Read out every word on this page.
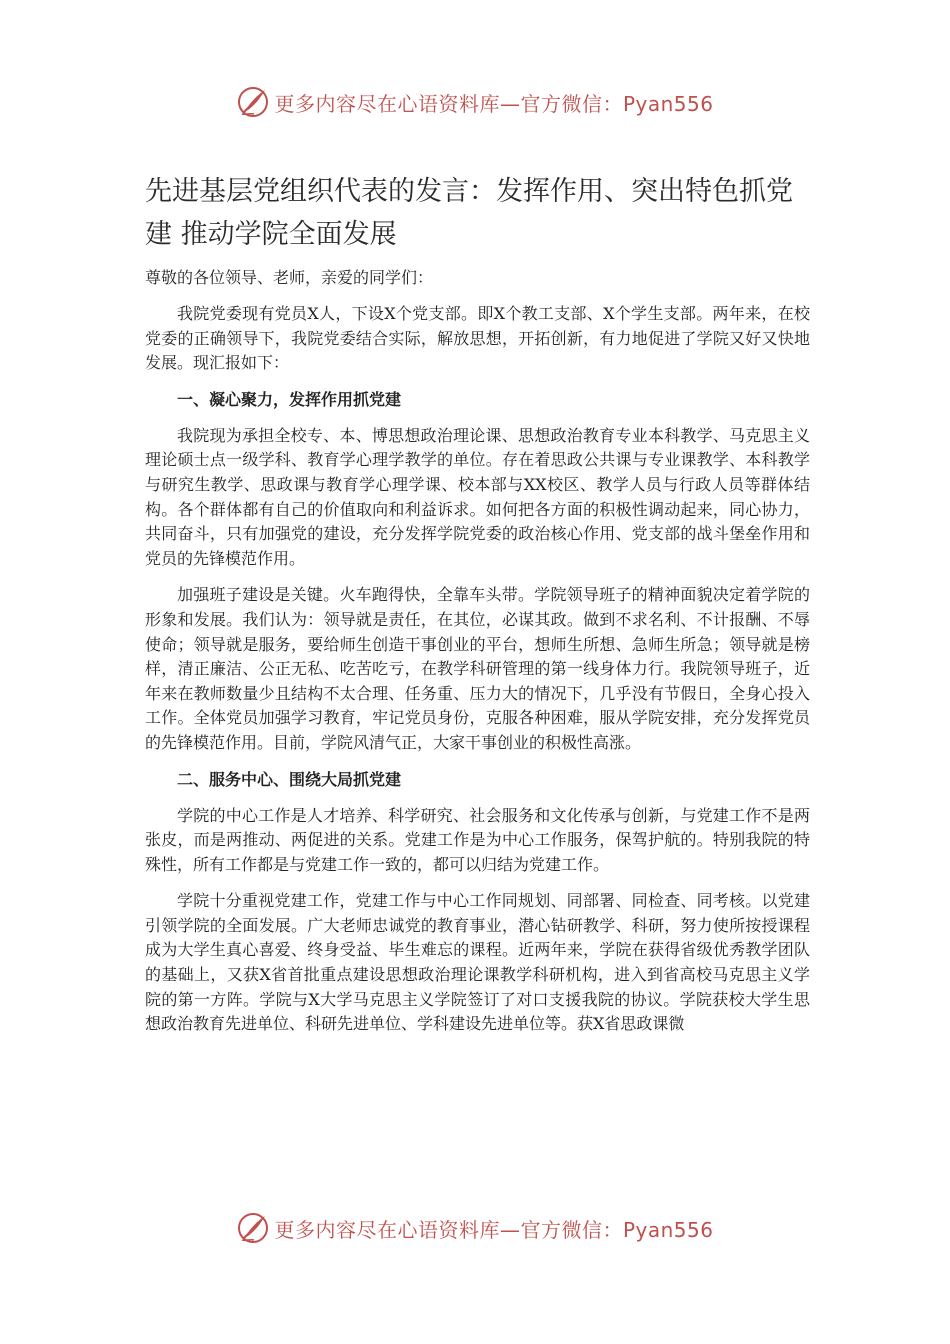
更多内容尽在心语资料库—官方微信：Pyan556
先进基层党组织代表的发言：发挥作用、突出特色抓党建 推动学院全面发展

尊敬的各位领导、老师，亲爱的同学们：

我院党委现有党员X人，下设X个党支部。即X个教工支部、X个学生支部。两年来，在校党委的正确领导下，我院党委结合实际，解放思想，开拓创新，有力地促进了学院又好又快地发展。现汇报如下：

一、凝心聚力，发挥作用抓党建

我院现为承担全校专、本、博思想政治理论课、思想政治教育专业本科教学、马克思主义理论硕士点一级学科、教育学心理学教学的单位。存在着思政公共课与专业课教学、本科教学与研究生教学、思政课与教育学心理学课、校本部与XX校区、教学人员与行政人员等群体结构。各个群体都有自己的价值取向和利益诉求。如何把各方面的积极性调动起来，同心协力，共同奋斗，只有加强党的建设，充分发挥学院党委的政治核心作用、党支部的战斗堡垒作用和党员的先锋模范作用。

加强班子建设是关键。火车跑得快，全靠车头带。学院领导班子的精神面貌决定着学院的形象和发展。我们认为：领导就是责任，在其位，必谋其政。做到不求名利、不计报酬、不辱使命；领导就是服务，要给师生创造干事创业的平台，想师生所想、急师生所急；领导就是榜样，清正廉洁、公正无私、吃苦吃亏，在教学科研管理的第一线身体力行。我院领导班子，近年来在教师数量少且结构不太合理、任务重、压力大的情况下，几乎没有节假日，全身心投入工作。全体党员加强学习教育，牢记党员身份，克服各种困难，服从学院安排，充分发挥党员的先锋模范作用。目前，学院风清气正，大家干事创业的积极性高涨。

二、服务中心、围绕大局抓党建

学院的中心工作是人才培养、科学研究、社会服务和文化传承与创新，与党建工作不是两张皮，而是两推动、两促进的关系。党建工作是为中心工作服务，保驾护航的。特别我院的特殊性，所有工作都是与党建工作一致的，都可以归结为党建工作。

学院十分重视党建工作，党建工作与中心工作同规划、同部署、同检查、同考核。以党建引领学院的全面发展。广大老师忠诚党的教育事业，潜心钻研教学、科研，努力使所按授课程成为大学生真心喜爱、终身受益、毕生难忘的课程。近两年来，学院在获得省级优秀教学团队的基础上，又获X省首批重点建设思想政治理论课教学科研机构，进入到省高校马克思主义学院的第一方阵。学院与X大学马克思主义学院签订了对口支援我院的协议。学院获校大学生思想政治教育先进单位、科研先进单位、学科建设先进单位等。获X省思政课微

更多内容尽在心语资料库—官方微信：Pyan556
